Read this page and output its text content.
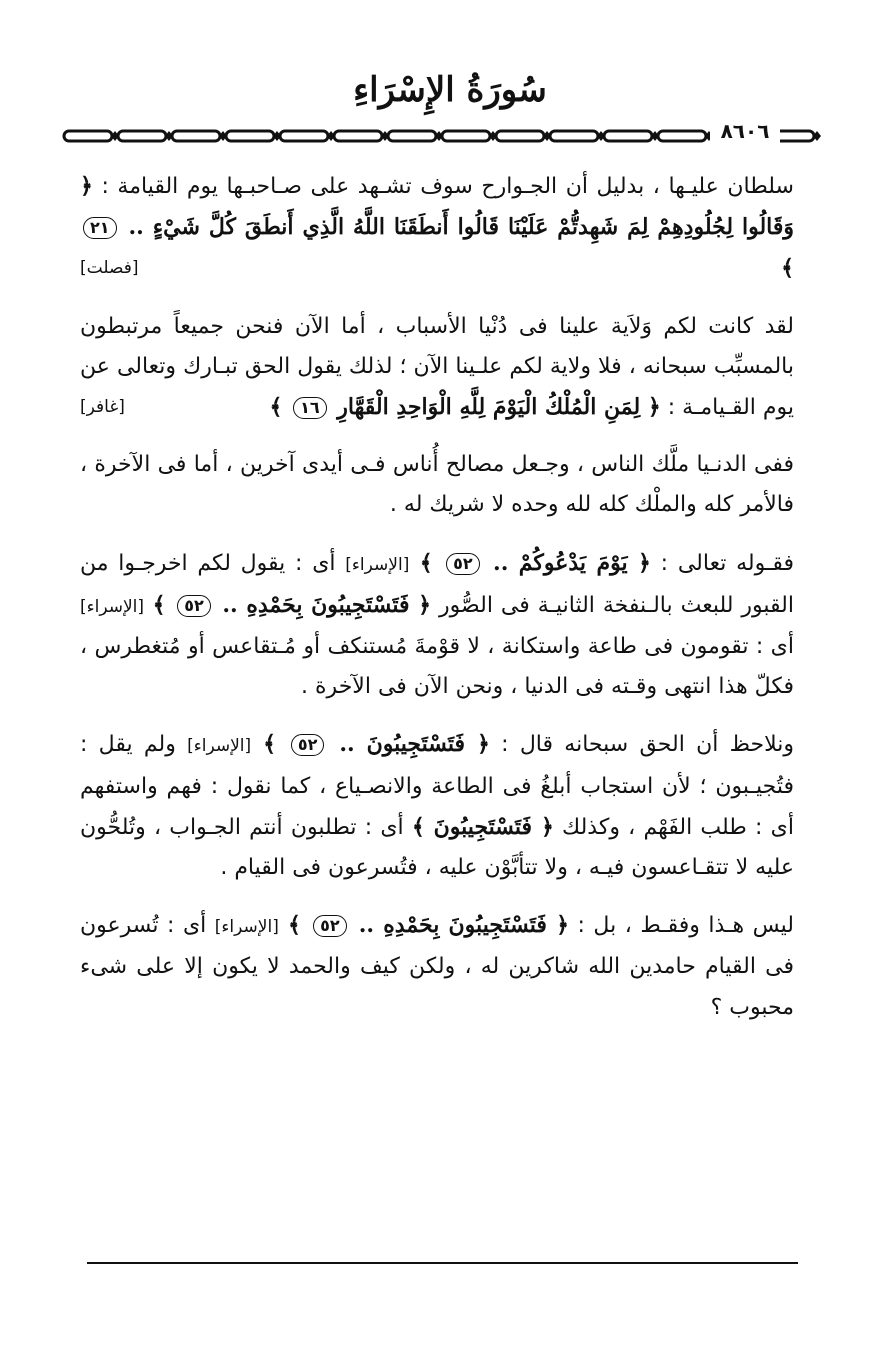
سُورَةُ الإِسْرَاءِ
٨٦٠٦

سلطان عليـها ، بدليل أن الجـوارح سوف تشـهد على صـاحبـها يوم القيامة : ﴿ وَقَالُوا لِجُلُودِهِمْ لِمَ شَهِدتُّمْ عَلَيْنَا قَالُوا أَنطَقَنَا اللَّهُ الَّذِي أَنطَقَ كُلَّ شَيْءٍ .. ٢١ ﴾
[فصلت]

لقد كانت لكم وَلاَية علينا فى دُنْيا الأسباب ، أما الآن فنحن جميعاً مرتبطون بالمسبِّب سبحانه ، فلا ولاية لكم علـينا الآن ؛ لذلك يقول الحق تبـارك وتعالى عن يوم القـيامـة : ﴿ لِمَنِ الْمُلْكُ الْيَوْمَ لِلَّهِ الْوَاحِدِ الْقَهَّارِ ١٦ ﴾
[غافر]

ففى الدنـيا ملَّك الناس ، وجـعل مصالح أُناس فـى أيدى آخرين ، أما فى الآخرة ، فالأمر كله والملْك كله لله وحده لا شريك له .

فقـوله تعالى : ﴿ يَوْمَ يَدْعُوكُمْ .. ٥٢ ﴾ [الإسراء] أى : يقول لكم اخرجـوا من القبور للبعث بالـنفخة الثانيـة فى الصُّور ﴿ فَتَسْتَجِيبُونَ بِحَمْدِهِ .. ٥٢ ﴾ [الإسراء] أى : تقومون فى طاعة واستكانة ، لا قوْمةَ مُستنكف أو مُـتقاعس أو مُتغطرس ، فكلّ هذا انتهى وقـته فى الدنيا ، ونحن الآن فى الآخرة .

ونلاحظ أن الحق سبحانه قال : ﴿ فَتَسْتَجِيبُونَ .. ٥٢ ﴾ [الإسراء] ولم يقل : فتُجيـبون ؛ لأن استجاب أبلغُ فى الطاعة والانصـياع ، كما نقول : فهم واستفهم أى : طلب الفَهْم ، وكذلك ﴿ فَتَسْتَجِيبُونَ ﴾ أى : تطلبون أنتم الجـواب ، وتُلحُّون عليه لا تتقـاعسون فيـه ، ولا تتأبَّوْن عليه ، فتُسرعون فى القيام .

ليس هـذا وفقـط ، بل : ﴿ فَتَسْتَجِيبُونَ بِحَمْدِهِ .. ٥٢ ﴾ [الإسراء] أى : تُسرعون فى القيام حامدين الله شاكرين له ، ولكن كيف والحمد لا يكون إلا على شىء محبوب ؟
